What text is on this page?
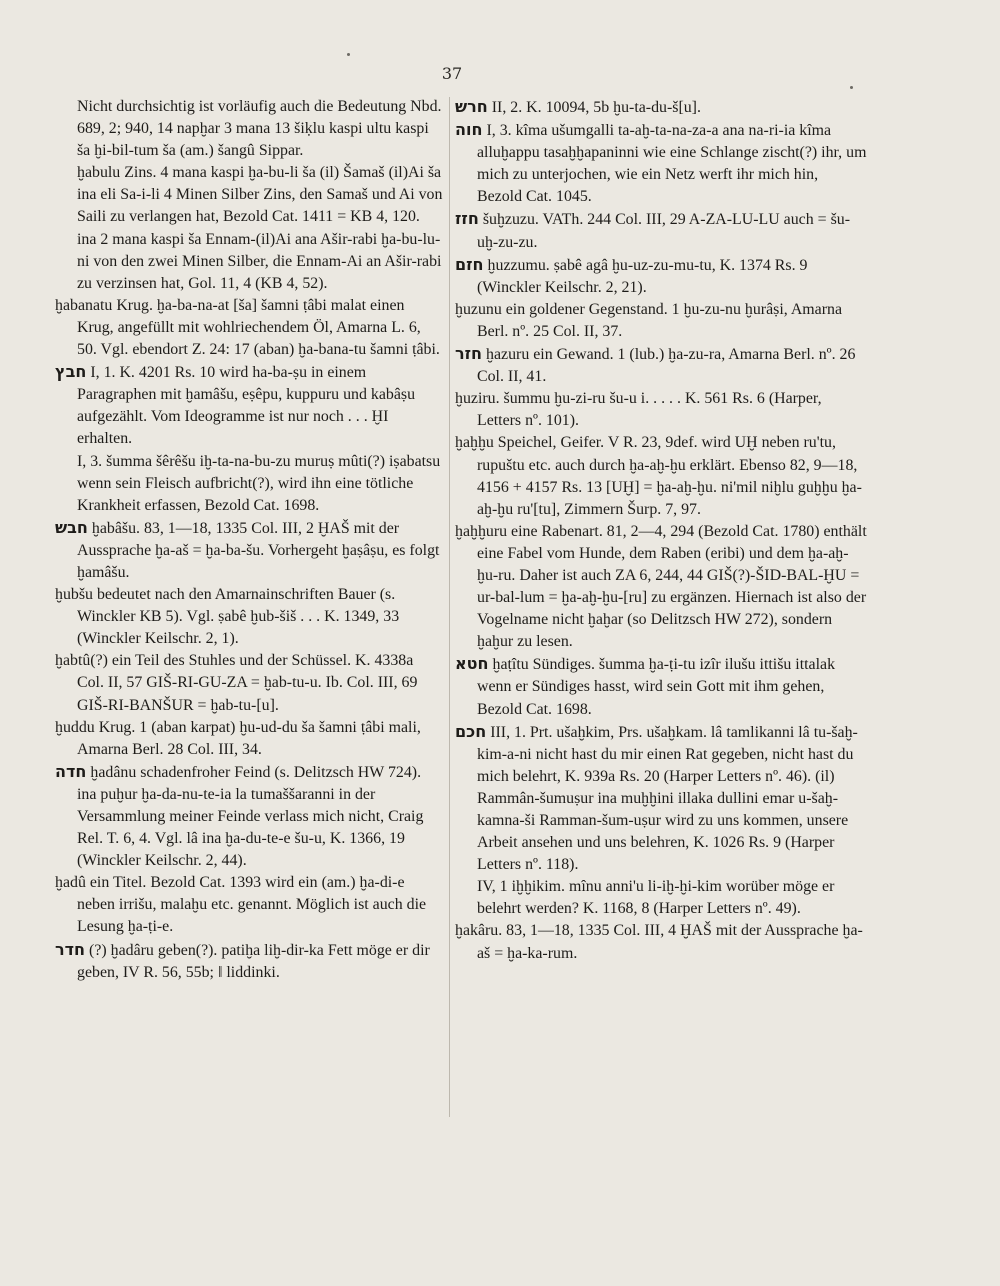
37

Nicht durchsichtig ist vorläufig auch die Bedeutung Nbd. 689, 2; 940, 14 napḫar 3 mana 13 šiḳlu kaspi ultu kaspi ša ḫi-bil-tum ša (am.) šangû Sippar.

ḫabulu Zins. 4 mana kaspi ḫa-bu-li ša (il) Šamaš (il)Ai ša ina eli Sa-i-li 4 Minen Silber Zins, den Samaš und Ai von Saili zu verlangen hat, Bezold Cat. 1411 = KB 4, 120. ina 2 mana kaspi ša Ennam-(il)Ai ana Ašir-rabi ḫa-bu-lu-ni von den zwei Minen Silber, die Ennam-Ai an Ašir-rabi zu verzinsen hat, Gol. 11, 4 (KB 4, 52).

ḫabanatu Krug. ḫa-ba-na-at [ša] šamni ṭâbi malat einen Krug, angefüllt mit wohlriechendem Öl, Amarna L. 6, 50. Vgl. ebendort Z. 24: 17 (aban) ḫa-bana-tu šamni ṭâbi.

חבץ I, 1. K. 4201 Rs. 10 wird ha-ba-ṣu in einem Paragraphen mit ḫamâšu, eṣêpu, kuppuru und kabâṣu aufgezählt. Vom Ideogramme ist nur noch . . . ḪI erhalten.

I, 3. šumma šêrêšu iḫ-ta-na-bu-zu muruṣ mûti(?) iṣabatsu wenn sein Fleisch aufbricht(?), wird ihn eine tötliche Krankheit erfassen, Bezold Cat. 1698.

חבש ḫabâšu. 83, 1—18, 1335 Col. III, 2 ḪAŠ mit der Aussprache ḫa-aš = ḫa-ba-šu. Vorhergeht ḫaṣâṣu, es folgt ḫamâšu.

ḫubšu bedeutet nach den Amarnainschriften Bauer (s. Winckler KB 5). Vgl. ṣabê ḫub-šiš . . . K. 1349, 33 (Winckler Keilschr. 2, 1).

ḫabtû(?) ein Teil des Stuhles und der Schüssel. K. 4338a Col. II, 57 GIŠ-RI-GU-ZA = ḫab-tu-u. Ib. Col. III, 69 GIŠ-RI-BANŠUR = ḫab-tu-[u].

ḫuddu Krug. 1 (aban karpat) ḫu-ud-du ša šamni ṭâbi mali, Amarna Berl. 28 Col. III, 34.

חדה ḫadânu schadenfroher Feind (s. Delitzsch HW 724). ina puḫur ḫa-da-nu-te-ia la tumaššaranni in der Versammlung meiner Feinde verlass mich nicht, Craig Rel. T. 6, 4. Vgl. lâ ina ḫa-du-te-e šu-u, K. 1366, 19 (Winckler Keilschr. 2, 44).

ḫadû ein Titel. Bezold Cat. 1393 wird ein (am.) ḫa-di-e neben irrišu, malaḫu etc. genannt. Möglich ist auch die Lesung ḫa-ṭi-e.

חדר (?) ḫadâru geben(?). patiḫa liḫ-dir-ka Fett möge er dir geben, IV R. 56, 55b; ‖ liddinki.

חרש II, 2. K. 10094, 5b ḫu-ta-du-š[u].

חוה I, 3. kîma ušumgalli ta-aḫ-ta-na-za-a ana na-ri-ia kîma alluḫappu tasaḫḫapaninni wie eine Schlange zischt(?) ihr, um mich zu unterjochen, wie ein Netz werft ihr mich hin, Bezold Cat. 1045.

חזז šuḫzuzu. VATh. 244 Col. III, 29 A-ZA-LU-LU auch = šu-uḫ-zu-zu.

חזם ḫuzzumu. ṣabê agâ ḫu-uz-zu-mu-tu, K. 1374 Rs. 9 (Winckler Keilschr. 2, 21).

ḫuzunu ein goldener Gegenstand. 1 ḫu-zu-nu ḫurâṣi, Amarna Berl. nº. 25 Col. II, 37.

חזר ḫazuru ein Gewand. 1 (lub.) ḫa-zu-ra, Amarna Berl. nº. 26 Col. II, 41.

ḫuziru. šummu ḫu-zi-ru šu-u i. . . . . K. 561 Rs. 6 (Harper, Letters nº. 101).

ḫaḫḫu Speichel, Geifer. V R. 23, 9def. wird UḪ neben ru'tu, rupuštu etc. auch durch ḫa-aḫ-ḫu erklärt. Ebenso 82, 9—18, 4156 + 4157 Rs. 13 [UḪ] = ḫa-aḫ-ḫu. ni'mil niḫlu guḫḫu ḫa-aḫ-ḫu ru'[tu], Zimmern Šurp. 7, 97.

ḫaḫḫuru eine Rabenart. 81, 2—4, 294 (Bezold Cat. 1780) enthält eine Fabel vom Hunde, dem Raben (eribi) und dem ḫa-aḫ-ḫu-ru. Daher ist auch ZA 6, 244, 44 GIŠ(?)-ŠID-BAL-ḪU = ur-bal-lum = ḫa-aḫ-ḫu-[ru] zu ergänzen. Hiernach ist also der Vogelname nicht ḫaḫar (so Delitzsch HW 272), sondern ḫaḫur zu lesen.

חטא ḫaṭîtu Sündiges. šumma ḫa-ṭi-tu izîr ilušu ittišu ittalak wenn er Sündiges hasst, wird sein Gott mit ihm gehen, Bezold Cat. 1698.

חכם III, 1. Prt. ušaḫkim, Prs. ušaḫkam. lâ tamlikanni lâ tu-šaḫ-kim-a-ni nicht hast du mir einen Rat gegeben, nicht hast du mich belehrt, K. 939a Rs. 20 (Harper Letters nº. 46). (il) Rammân-šumuṣur ina muḫḫini illaka dullini emar u-šaḫ-kamna-ši Ramman-šum-uṣur wird zu uns kommen, unsere Arbeit ansehen und uns belehren, K. 1026 Rs. 9 (Harper Letters nº. 118).

IV, 1 iḫḫikim. mînu anni'u li-iḫ-ḫi-kim worüber möge er belehrt werden? K. 1168, 8 (Harper Letters nº. 49).

ḫakâru. 83, 1—18, 1335 Col. III, 4 ḪAŠ mit der Aussprache ḫa-aš = ḫa-ka-rum.
